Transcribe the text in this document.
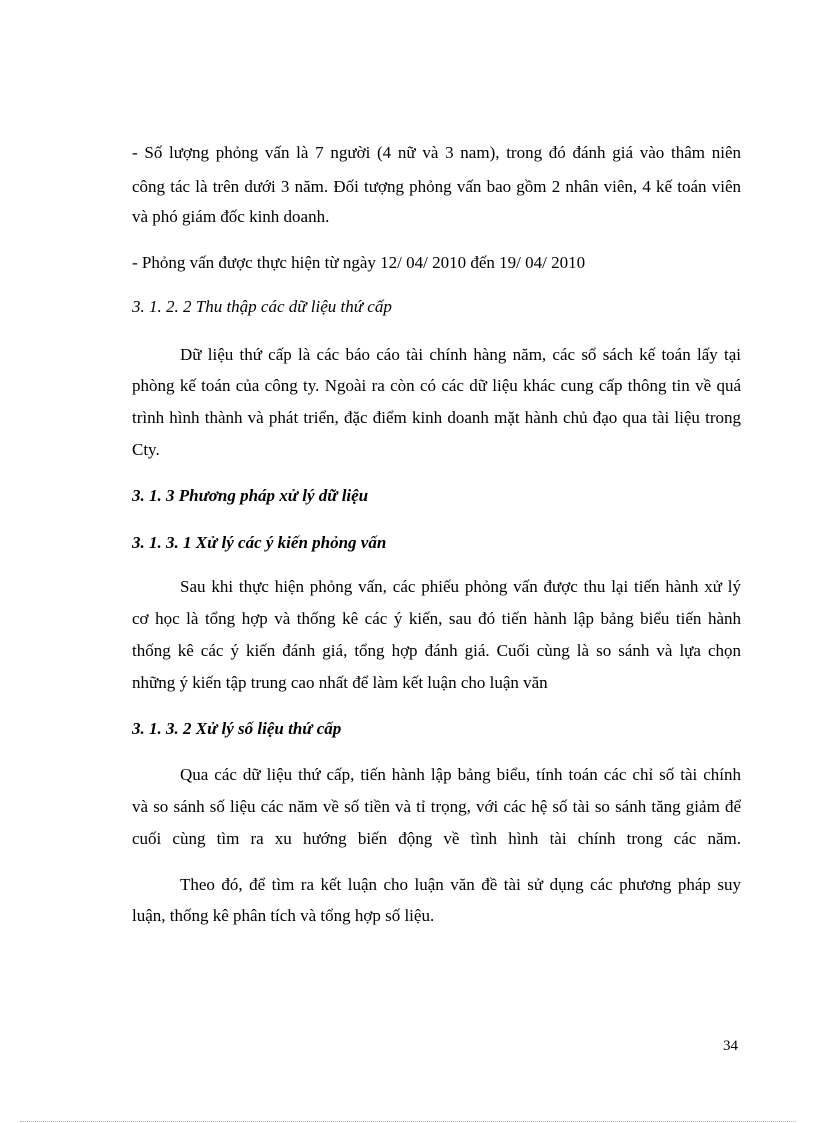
- Số lượng phỏng vấn là 7 người (4 nữ và 3 nam), trong đó đánh giá vào thâm niên
công tác là trên dưới 3 năm. Đối tượng phỏng vấn bao gồm 2 nhân viên, 4 kế toán viên
và phó giám đốc kinh doanh.
- Phỏng vấn được thực hiện từ ngày 12/ 04/ 2010 đến 19/ 04/ 2010
3. 1. 2. 2 Thu thập các dữ liệu thứ cấp
Dữ liệu thứ cấp là các báo cáo tài chính hàng năm, các sổ sách kế toán lấy tại
phòng kế toán của công ty. Ngoài ra còn có các dữ liệu khác cung cấp thông tin về quá
trình hình thành và phát triển, đặc điểm kinh doanh mặt hành chủ đạo qua tài liệu trong
Cty.
3. 1. 3 Phương pháp xử lý dữ liệu
3. 1. 3. 1 Xử lý các ý kiến phỏng vấn
Sau khi thực hiện phỏng vấn, các phiếu phỏng vấn được thu lại tiến hành xử lý
cơ học là tổng hợp và thống kê các ý kiến, sau đó tiến hành lập bảng biểu tiến hành
thống kê các ý kiến đánh giá, tổng hợp đánh giá. Cuối cùng là so sánh và lựa chọn
những ý kiến tập trung cao nhất để làm kết luận cho luận văn
3. 1. 3. 2 Xử lý số liệu thứ cấp
Qua các dữ liệu thứ cấp, tiến hành lập bảng biểu, tính toán các chỉ số tài chính
và so sánh số liệu các năm về số tiền và tỉ trọng, với các hệ số tài so sánh tăng giảm để
cuối cùng tìm ra xu hướng biến động về tình hình tài chính trong các năm.
Theo đó, để tìm ra kết luận cho luận văn đề tài sử dụng các phương pháp suy
luận, thống kê phân tích và tổng hợp số liệu.
34
